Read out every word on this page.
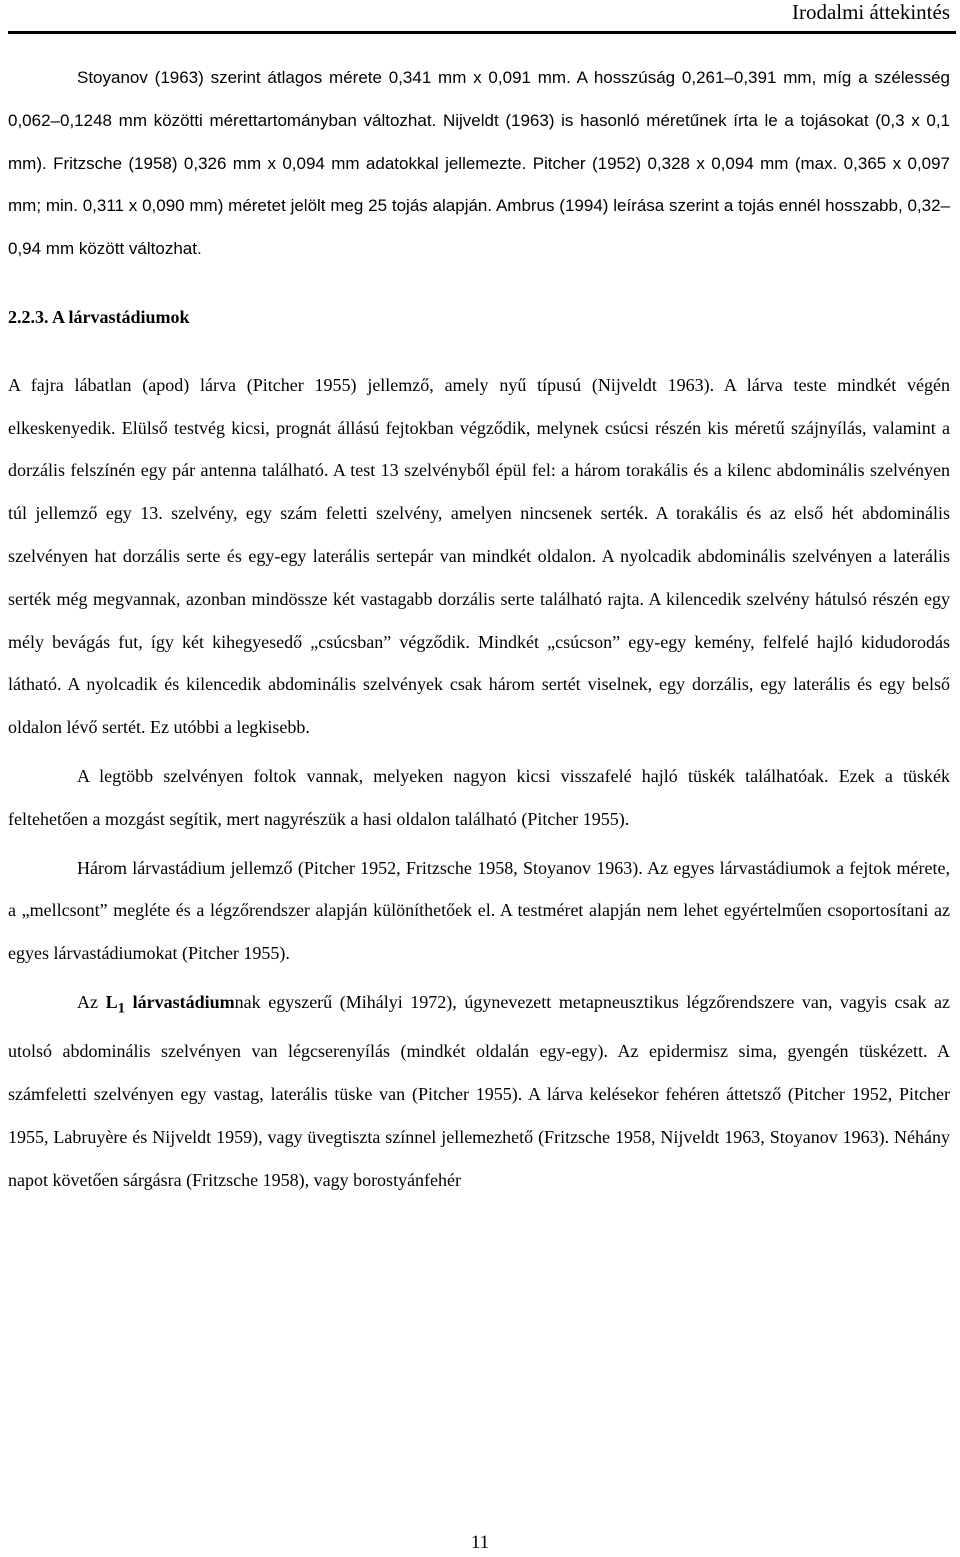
Irodalmi áttekintés

Stoyanov (1963) szerint átlagos mérete 0,341 mm x 0,091 mm. A hosszúság 0,261–0,391 mm, míg a szélesség 0,062–0,1248 mm közötti mérettartományban változhat. Nijveldt (1963) is hasonló méretűnek írta le a tojásokat (0,3 x 0,1 mm). Fritzsche (1958) 0,326 mm x 0,094 mm adatokkal jellemezte. Pitcher (1952) 0,328 x 0,094 mm (max. 0,365 x 0,097 mm; min. 0,311 x 0,090 mm) méretet jelölt meg 25 tojás alapján. Ambrus (1994) leírása szerint a tojás ennél hosszabb, 0,32–0,94 mm között változhat.

2.2.3. A lárvastádiumok

A fajra lábatlan (apod) lárva (Pitcher 1955) jellemző, amely nyű típusú (Nijveldt 1963). A lárva teste mindkét végén elkeskenyedik. Elülső testvég kicsi, prognát állású fejtokban végződik, melynek csúcsi részén kis méretű szájnyílás, valamint a dorzális felszínén egy pár antenna található. A test 13 szelvényből épül fel: a három torakális és a kilenc abdominális szelvényen túl jellemző egy 13. szelvény, egy szám feletti szelvény, amelyen nincsenek serték. A torakális és az első hét abdominális szelvényen hat dorzális serte és egy-egy laterális sertepár van mindkét oldalon. A nyolcadik abdominális szelvényen a laterális serték még megvannak, azonban mindössze két vastagabb dorzális serte található rajta. A kilencedik szelvény hátulsó részén egy mély bevágás fut, így két kihegyesedő „csúcsban” végződik. Mindkét „csúcson” egy-egy kemény, felfelé hajló kidudorodás látható. A nyolcadik és kilencedik abdominális szelvények csak három sertét viselnek, egy dorzális, egy laterális és egy belső oldalon lévő sertét. Ez utóbbi a legkisebb.

A legtöbb szelvényen foltok vannak, melyeken nagyon kicsi visszafelé hajló tüskék találhatóak. Ezek a tüskék feltehetően a mozgást segítik, mert nagyrészük a hasi oldalon található (Pitcher 1955).

Három lárvastádium jellemző (Pitcher 1952, Fritzsche 1958, Stoyanov 1963). Az egyes lárvastádiumok a fejtok mérete, a „mellcsont” megléte és a légzőrendszer alapján különíthetőek el. A testméret alapján nem lehet egyértelműen csoportosítani az egyes lárvastádiumokat (Pitcher 1955).

Az $L_1$ lárvastádiumnak egyszerű (Mihályi 1972), úgynevezett metapneusztikus légzőrendszere van, vagyis csak az utolsó abdominális szelvényen van légcserenyílás (mindkét oldalán egy-egy). Az epidermisz sima, gyengén tüskézett. A számfeletti szelvényen egy vastag, laterális tüske van (Pitcher 1955). A lárva kelésekor fehéren áttetsző (Pitcher 1952, Pitcher 1955, Labruyère és Nijveldt 1959), vagy üvegtiszta színnel jellemezhető (Fritzsche 1958, Nijveldt 1963, Stoyanov 1963). Néhány napot követően sárgásra (Fritzsche 1958), vagy borostyánfehér

11
